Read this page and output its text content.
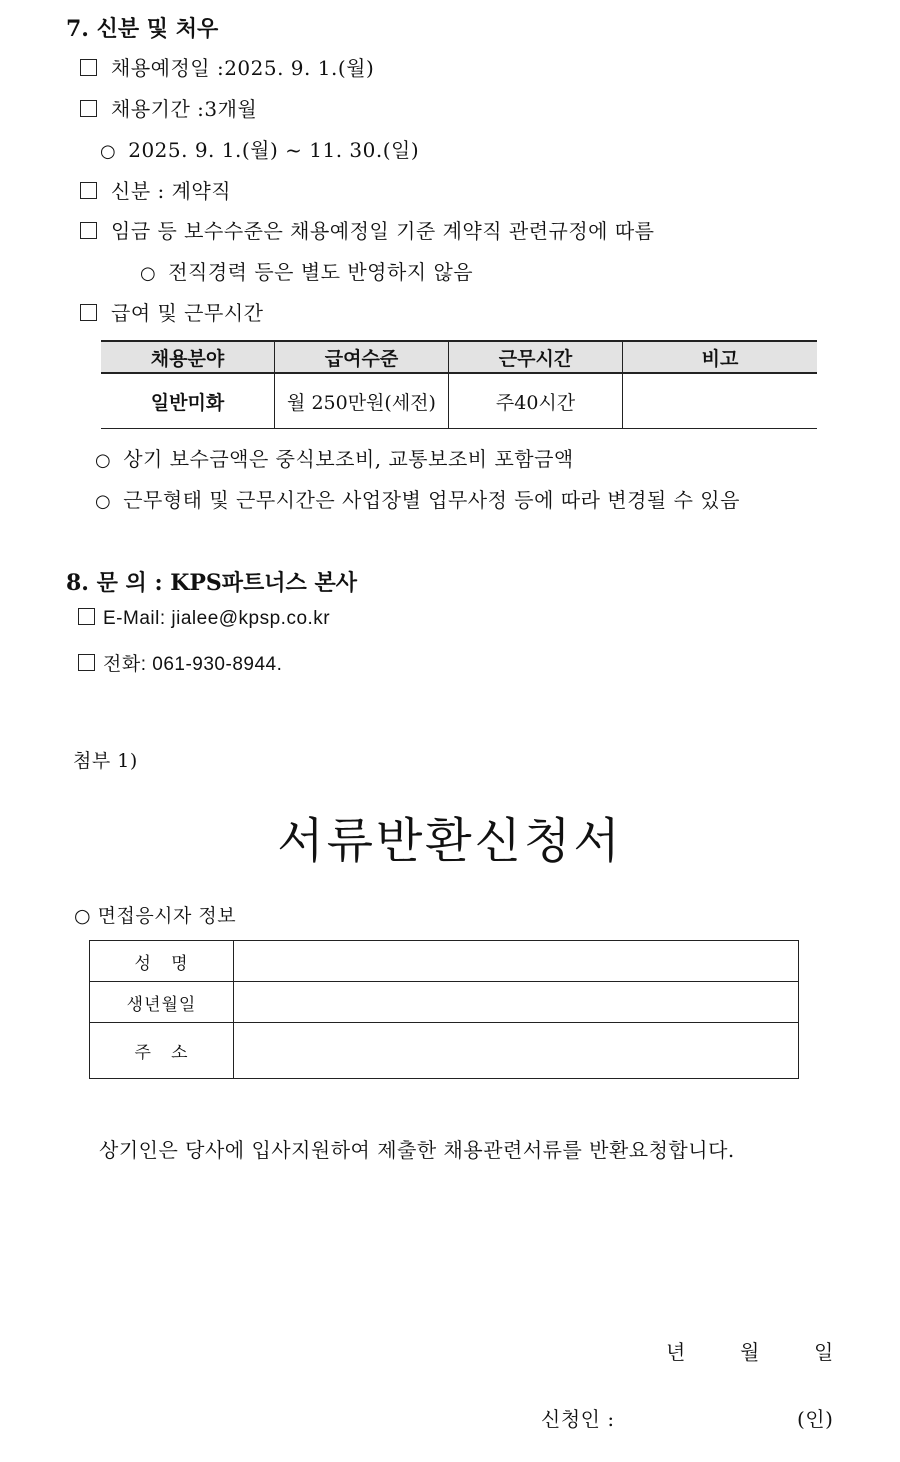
7. 신분 및 처우
채용예정일 :2025. 9. 1.(월)
채용기간 :3개월
○ 2025. 9. 1.(월) ~ 11. 30.(일)
신분 : 계약직
임금 등 보수수준은 채용예정일 기준 계약직 관련규정에 따름
○ 전직경력 등은 별도 반영하지 않음
급여 및 근무시간
채용분야	급여수준	근무시간	비고
일반미화	월 250만원(세전)	주40시간	
○ 상기 보수금액은 중식보조비, 교통보조비 포함금액
○ 근무형태 및 근무시간은 사업장별 업무사정 등에 따라 변경될 수 있음
8. 문 의 : KPS파트너스 본사
E-Mail: jialee@kpsp.co.kr
전화: 061-930-8944.
첨부 1)
서류반환신청서
○ 면접응시자 정보
성   명	
생년월일	
주   소	
상기인은 당사에 입사지원하여 제출한 채용관련서류를 반환요청합니다.
년	월	일
신청인 :	(인)
